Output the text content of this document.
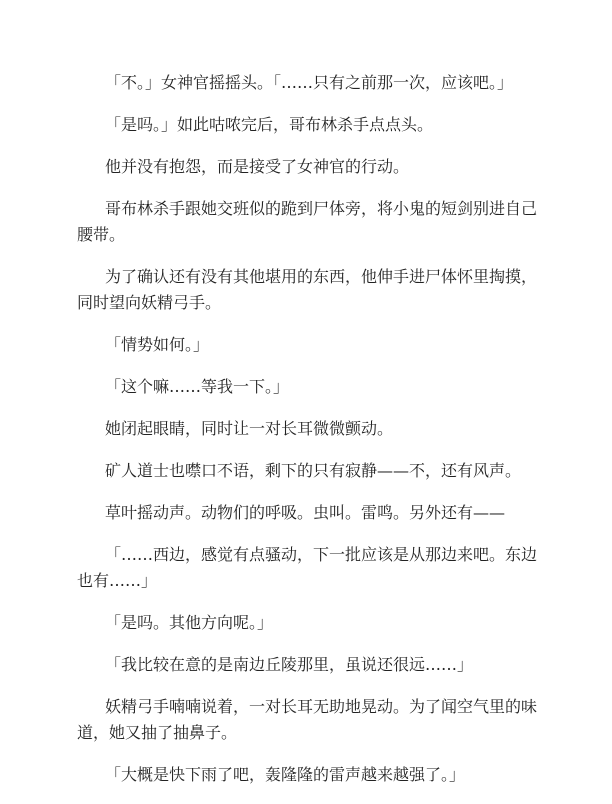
「不。」女神官摇摇头。「……只有之前那一次，应该吧。」

「是吗。」如此咕哝完后，哥布林杀手点点头。

他并没有抱怨，而是接受了女神官的行动。

哥布林杀手跟她交班似的跪到尸体旁，将小鬼的短剑别进自己腰带。

为了确认还有没有其他堪用的东西，他伸手进尸体怀里掏摸，同时望向妖精弓手。

「情势如何。」

「这个嘛……等我一下。」

她闭起眼睛，同时让一对长耳微微颤动。

矿人道士也噤口不语，剩下的只有寂静——不，还有风声。

草叶摇动声。动物们的呼吸。虫叫。雷鸣。另外还有——

「……西边，感觉有点骚动，下一批应该是从那边来吧。东边也有……」

「是吗。其他方向呢。」

「我比较在意的是南边丘陵那里，虽说还很远……」

妖精弓手喃喃说着，一对长耳无助地晃动。为了闻空气里的味道，她又抽了抽鼻子。

「大概是快下雨了吧，轰隆隆的雷声越来越强了。」
